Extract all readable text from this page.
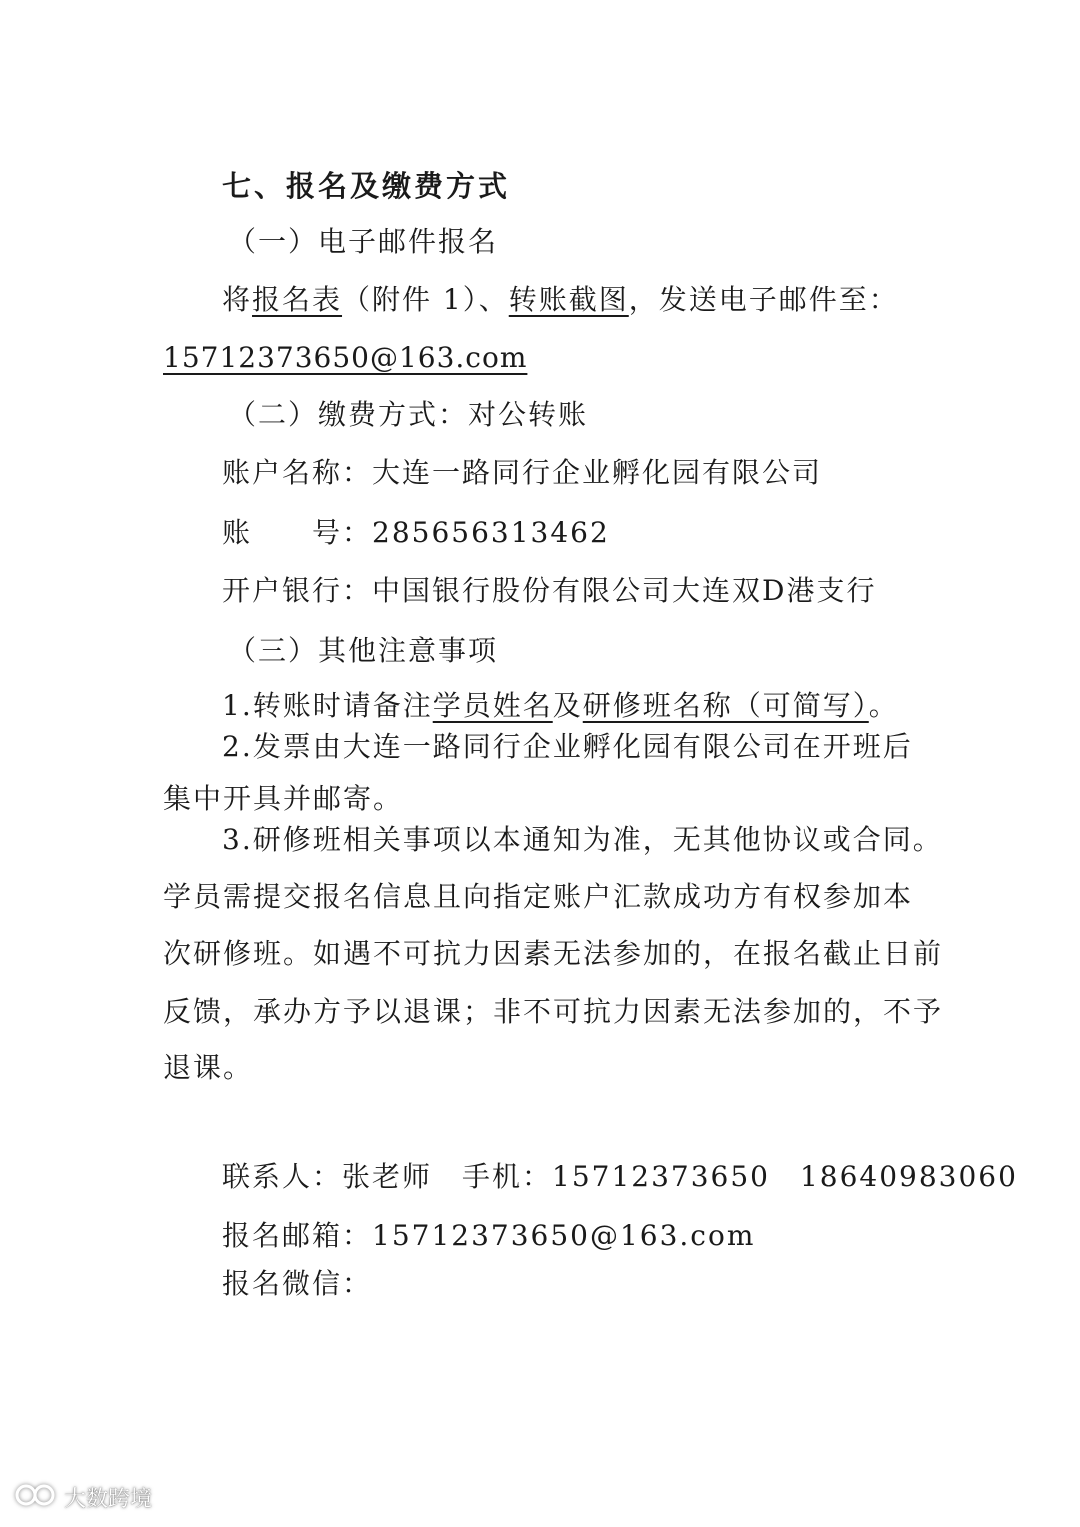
七、报名及缴费方式
（一）电子邮件报名
将报名表（附件 1）、转账截图，发送电子邮件至：
15712373650@163.com
（二）缴费方式：对公转账
账户名称：大连一路同行企业孵化园有限公司
账　　号：285656313462
开户银行：中国银行股份有限公司大连双D港支行
（三）其他注意事项
1.转账时请备注学员姓名及研修班名称（可简写）。
2.发票由大连一路同行企业孵化园有限公司在开班后
集中开具并邮寄。
3.研修班相关事项以本通知为准，无其他协议或合同。
学员需提交报名信息且向指定账户汇款成功方有权参加本
次研修班。如遇不可抗力因素无法参加的，在报名截止日前
反馈，承办方予以退课；非不可抗力因素无法参加的，不予
退课。
联系人：张老师　手机：15712373650　18640983060
报名邮箱：15712373650@163.com
报名微信：
大数跨境
